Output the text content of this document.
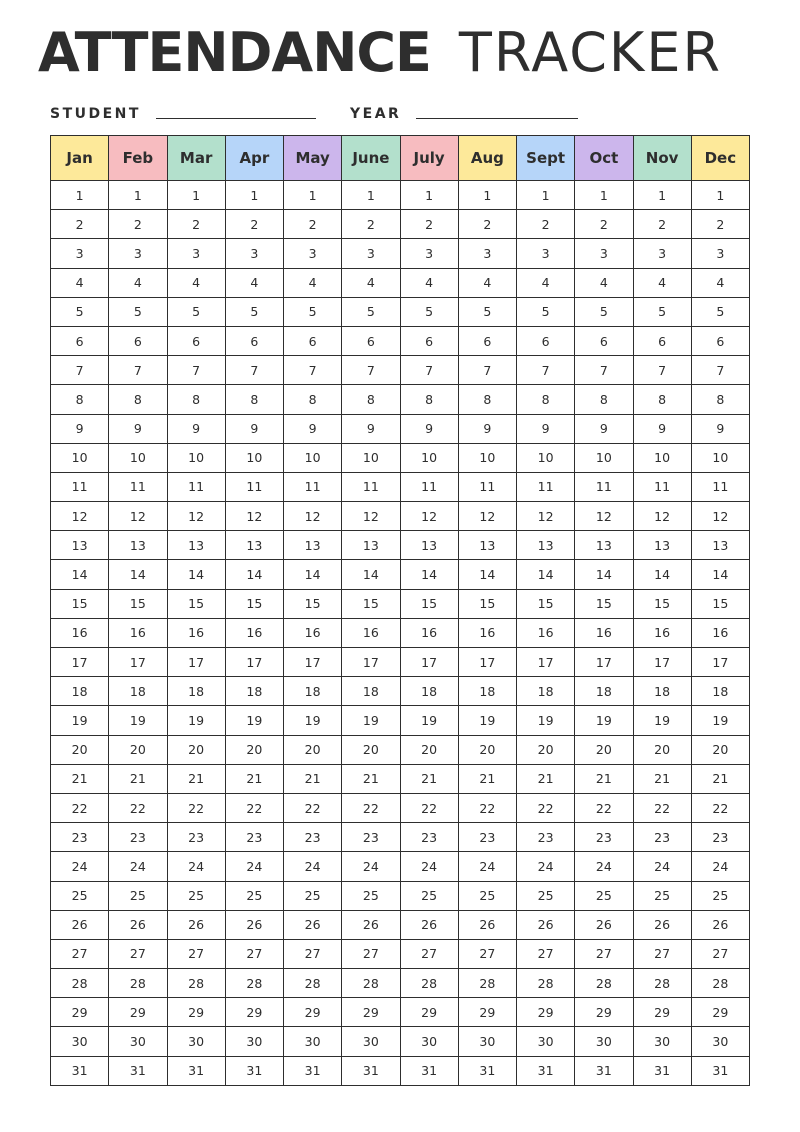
ATTENDANCE TRACKER
STUDENT	YEAR
Jan	Feb	Mar	Apr	May	June	July	Aug	Sept	Oct	Nov	Dec
1	1	1	1	1	1	1	1	1	1	1	1
2	2	2	2	2	2	2	2	2	2	2	2
3	3	3	3	3	3	3	3	3	3	3	3
4	4	4	4	4	4	4	4	4	4	4	4
5	5	5	5	5	5	5	5	5	5	5	5
6	6	6	6	6	6	6	6	6	6	6	6
7	7	7	7	7	7	7	7	7	7	7	7
8	8	8	8	8	8	8	8	8	8	8	8
9	9	9	9	9	9	9	9	9	9	9	9
10	10	10	10	10	10	10	10	10	10	10	10
11	11	11	11	11	11	11	11	11	11	11	11
12	12	12	12	12	12	12	12	12	12	12	12
13	13	13	13	13	13	13	13	13	13	13	13
14	14	14	14	14	14	14	14	14	14	14	14
15	15	15	15	15	15	15	15	15	15	15	15
16	16	16	16	16	16	16	16	16	16	16	16
17	17	17	17	17	17	17	17	17	17	17	17
18	18	18	18	18	18	18	18	18	18	18	18
19	19	19	19	19	19	19	19	19	19	19	19
20	20	20	20	20	20	20	20	20	20	20	20
21	21	21	21	21	21	21	21	21	21	21	21
22	22	22	22	22	22	22	22	22	22	22	22
23	23	23	23	23	23	23	23	23	23	23	23
24	24	24	24	24	24	24	24	24	24	24	24
25	25	25	25	25	25	25	25	25	25	25	25
26	26	26	26	26	26	26	26	26	26	26	26
27	27	27	27	27	27	27	27	27	27	27	27
28	28	28	28	28	28	28	28	28	28	28	28
29	29	29	29	29	29	29	29	29	29	29	29
30	30	30	30	30	30	30	30	30	30	30	30
31	31	31	31	31	31	31	31	31	31	31	31
